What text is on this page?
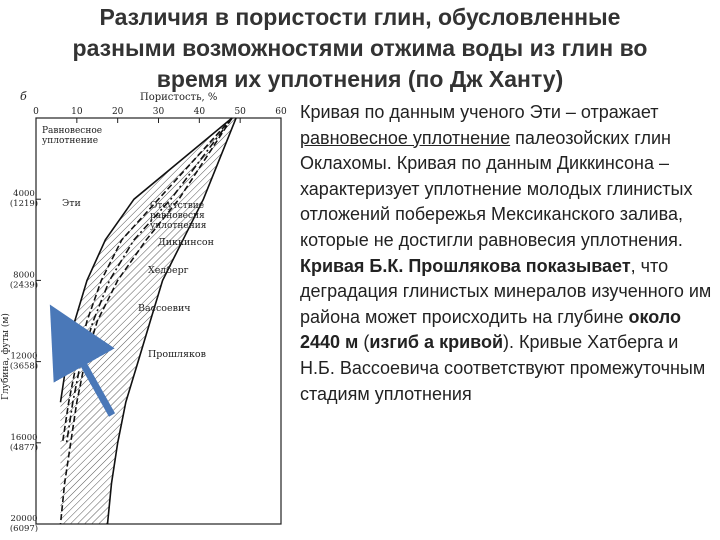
Различия в пористости глин, обусловленные
разными возможностями отжима воды из глин во
время их уплотнения (по Дж Ханту)
б
0	10	20	30	40	50	60
4000
(1219)
8000
(2439)
12000
(3658)
16000
(4877)
20000
(6097)
Эти
Диккинсон
Хедберг
Вассоевич
Прошляков
Пористость, %
Глубина, футы (м)
Равновесное уплотнение
Отсутствие равновесия уплотнения
Кривая по данным ученого Эти – отражает равновесное уплотнение палеозойских глин Оклахомы. Кривая по данным Диккинсона – характеризует уплотнение молодых глинистых отложений побережья Мексиканского залива, которые не достигли равновесия уплотнения. Кривая Б.К. Прошлякова показывает, что деградация глинистых минералов изученного им района может происходить на глубине около 2440 м (изгиб а кривой). Кривые Хатберга и Н.Б. Вассоевича соответствуют промежуточным стадиям уплотнения
